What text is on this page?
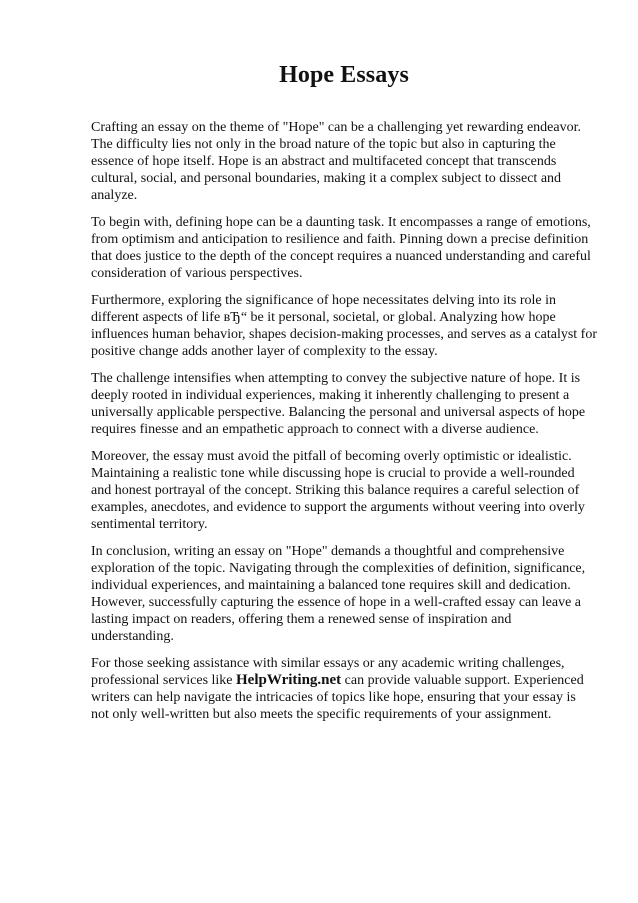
Hope Essays

Crafting an essay on the theme of "Hope" can be a challenging yet rewarding endeavor. The difficulty lies not only in the broad nature of the topic but also in capturing the essence of hope itself. Hope is an abstract and multifaceted concept that transcends cultural, social, and personal boundaries, making it a complex subject to dissect and analyze.

To begin with, defining hope can be a daunting task. It encompasses a range of emotions, from optimism and anticipation to resilience and faith. Pinning down a precise definition that does justice to the depth of the concept requires a nuanced understanding and careful consideration of various perspectives.

Furthermore, exploring the significance of hope necessitates delving into its role in different aspects of life вЂ“ be it personal, societal, or global. Analyzing how hope influences human behavior, shapes decision-making processes, and serves as a catalyst for positive change adds another layer of complexity to the essay.

The challenge intensifies when attempting to convey the subjective nature of hope. It is deeply rooted in individual experiences, making it inherently challenging to present a universally applicable perspective. Balancing the personal and universal aspects of hope requires finesse and an empathetic approach to connect with a diverse audience.

Moreover, the essay must avoid the pitfall of becoming overly optimistic or idealistic. Maintaining a realistic tone while discussing hope is crucial to provide a well-rounded and honest portrayal of the concept. Striking this balance requires a careful selection of examples, anecdotes, and evidence to support the arguments without veering into overly sentimental territory.

In conclusion, writing an essay on "Hope" demands a thoughtful and comprehensive exploration of the topic. Navigating through the complexities of definition, significance, individual experiences, and maintaining a balanced tone requires skill and dedication. However, successfully capturing the essence of hope in a well-crafted essay can leave a lasting impact on readers, offering them a renewed sense of inspiration and understanding.

For those seeking assistance with similar essays or any academic writing challenges, professional services like HelpWriting.net can provide valuable support. Experienced writers can help navigate the intricacies of topics like hope, ensuring that your essay is not only well-written but also meets the specific requirements of your assignment.
